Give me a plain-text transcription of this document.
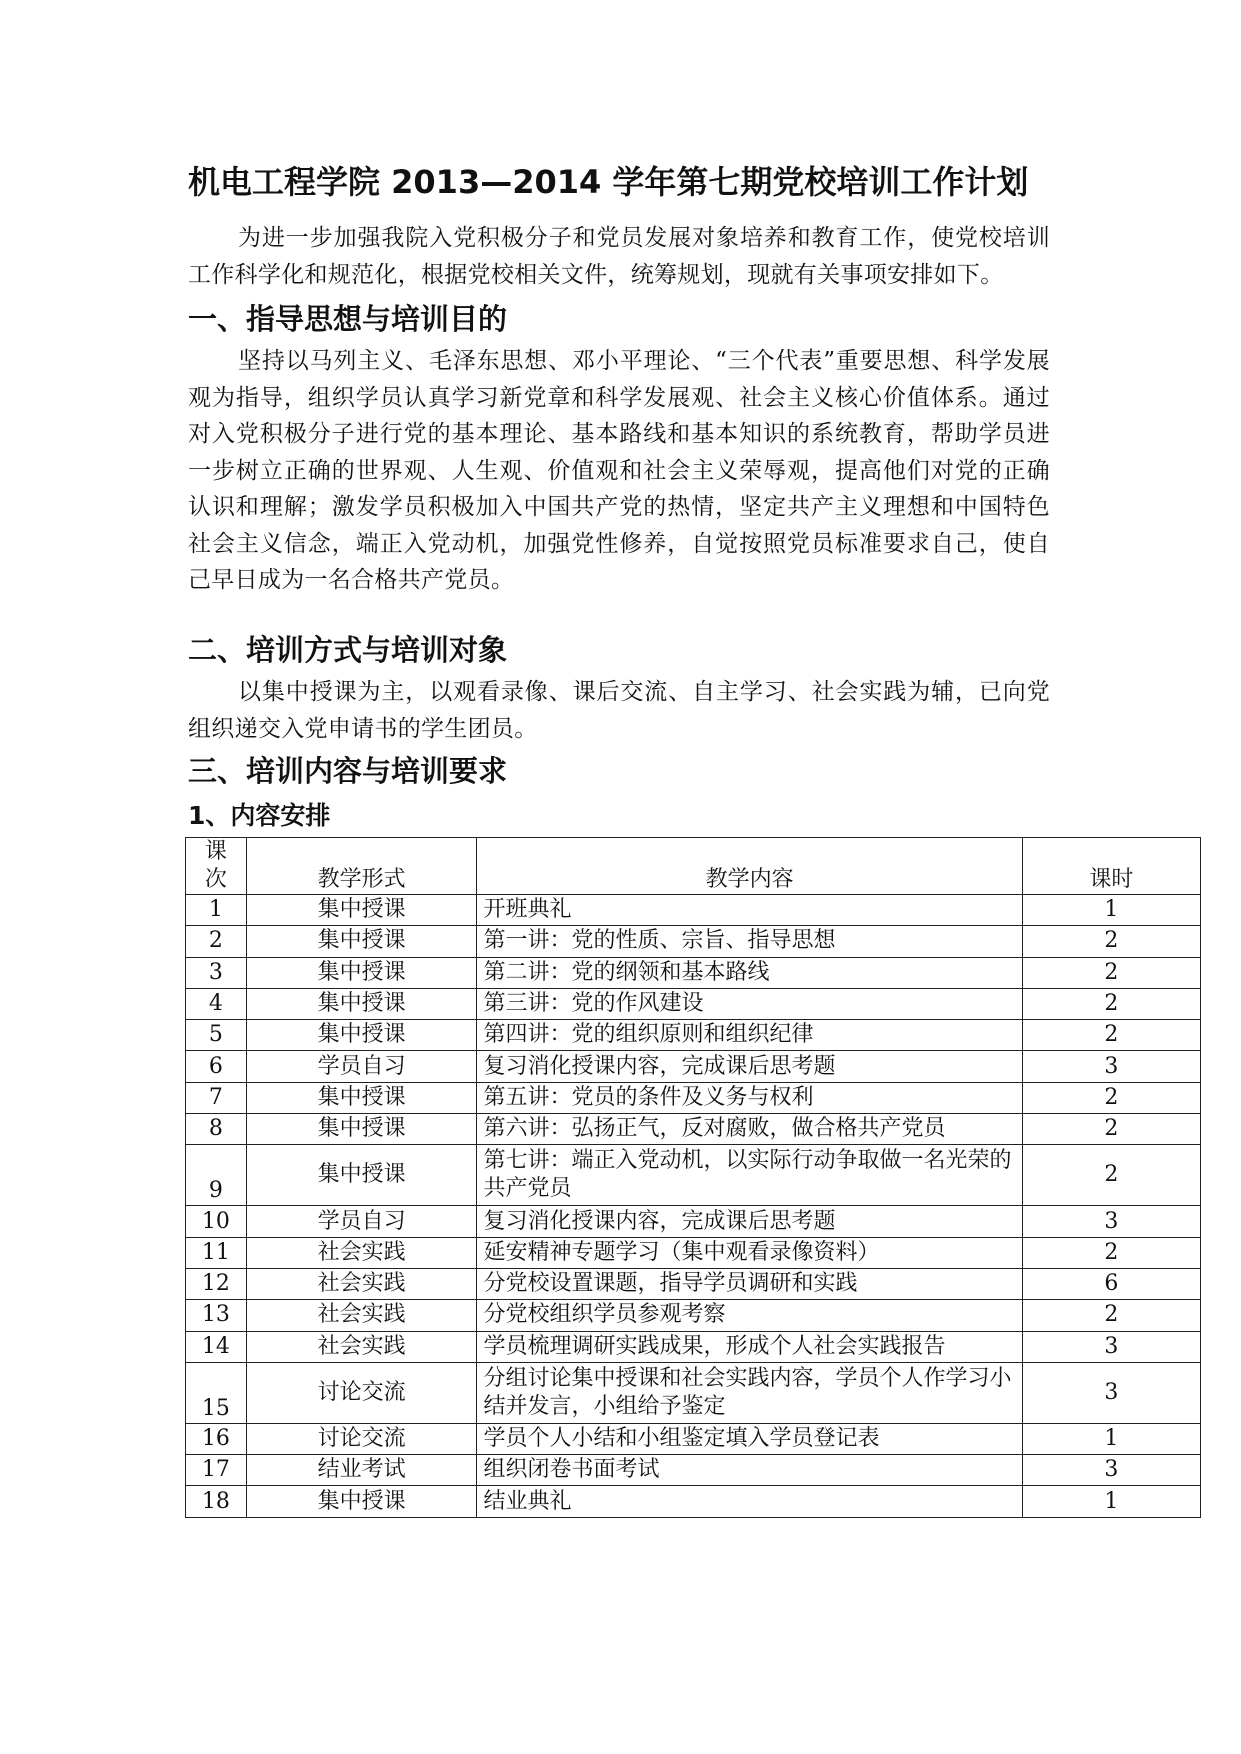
机电工程学院 2013—2014 学年第七期党校培训工作计划
为进一步加强我院入党积极分子和党员发展对象培养和教育工作，使党校培训工作科学化和规范化，根据党校相关文件，统筹规划，现就有关事项安排如下。
一、指导思想与培训目的
坚持以马列主义、毛泽东思想、邓小平理论、“三个代表”重要思想、科学发展观为指导，组织学员认真学习新党章和科学发展观、社会主义核心价值体系。通过对入党积极分子进行党的基本理论、基本路线和基本知识的系统教育，帮助学员进一步树立正确的世界观、人生观、价值观和社会主义荣辱观，提高他们对党的正确认识和理解；激发学员积极加入中国共产党的热情，坚定共产主义理想和中国特色社会主义信念，端正入党动机，加强党性修养，自觉按照党员标准要求自己，使自己早日成为一名合格共产党员。
二、培训方式与培训对象
以集中授课为主，以观看录像、课后交流、自主学习、社会实践为辅，已向党组织递交入党申请书的学生团员。
三、培训内容与培训要求
1、内容安排
课
次	教学形式	教学内容	课时
1	集中授课	开班典礼	1
2	集中授课	第一讲：党的性质、宗旨、指导思想	2
3	集中授课	第二讲：党的纲领和基本路线	2
4	集中授课	第三讲：党的作风建设	2
5	集中授课	第四讲：党的组织原则和组织纪律	2
6	学员自习	复习消化授课内容，完成课后思考题	3
7	集中授课	第五讲：党员的条件及义务与权利	2
8	集中授课	第六讲：弘扬正气，反对腐败，做合格共产党员	2
9	集中授课	第七讲：端正入党动机，以实际行动争取做一名光荣的共产党员	2
10	学员自习	复习消化授课内容，完成课后思考题	3
11	社会实践	延安精神专题学习（集中观看录像资料）	2
12	社会实践	分党校设置课题，指导学员调研和实践	6
13	社会实践	分党校组织学员参观考察	2
14	社会实践	学员梳理调研实践成果，形成个人社会实践报告	3
15	讨论交流	分组讨论集中授课和社会实践内容，学员个人作学习小结并发言，小组给予鉴定	3
16	讨论交流	学员个人小结和小组鉴定填入学员登记表	1
17	结业考试	组织闭卷书面考试	3
18	集中授课	结业典礼	1
